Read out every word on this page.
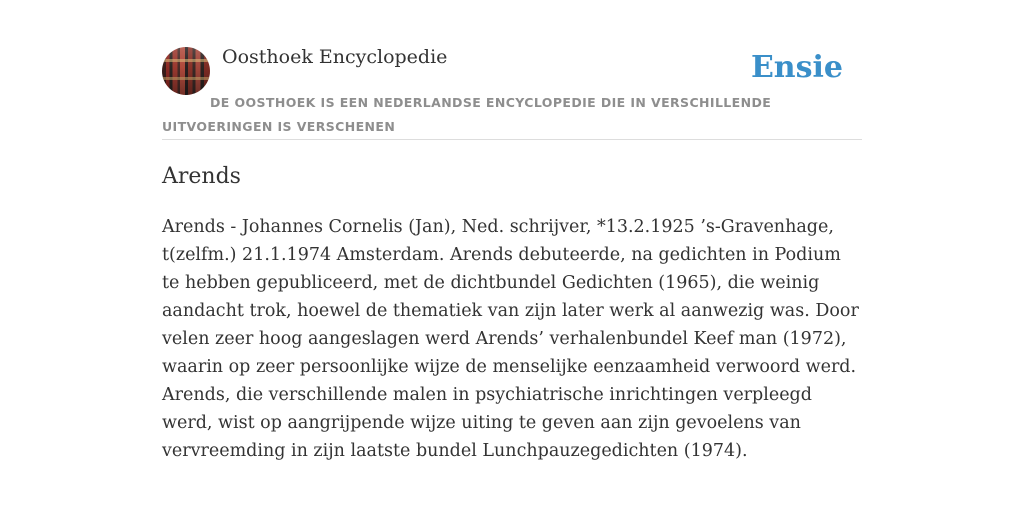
Oosthoek Encyclopedie	Ensie
DE OOSTHOEK IS EEN NEDERLANDSE ENCYCLOPEDIE DIE IN VERSCHILLENDE UITVOERINGEN IS VERSCHENEN
Arends
Arends - Johannes Cornelis (Jan), Ned. schrijver, *13.2.1925 ’s-Gravenhage, t(zelfm.) 21.1.1974 Amsterdam. Arends debuteerde, na gedichten in Podium te hebben gepubliceerd, met de dichtbundel Gedichten (1965), die weinig aandacht trok, hoewel de thematiek van zijn later werk al aanwezig was. Door velen zeer hoog aangeslagen werd Arends’ verhalenbundel Keef man (1972), waarin op zeer persoonlijke wijze de menselijke eenzaamheid verwoord werd. Arends, die verschillende malen in psychiatrische inrichtingen verpleegd werd, wist op aangrijpende wijze uiting te geven aan zijn gevoelens van vervreemding in zijn laatste bundel Lunchpauzegedichten (1974).
